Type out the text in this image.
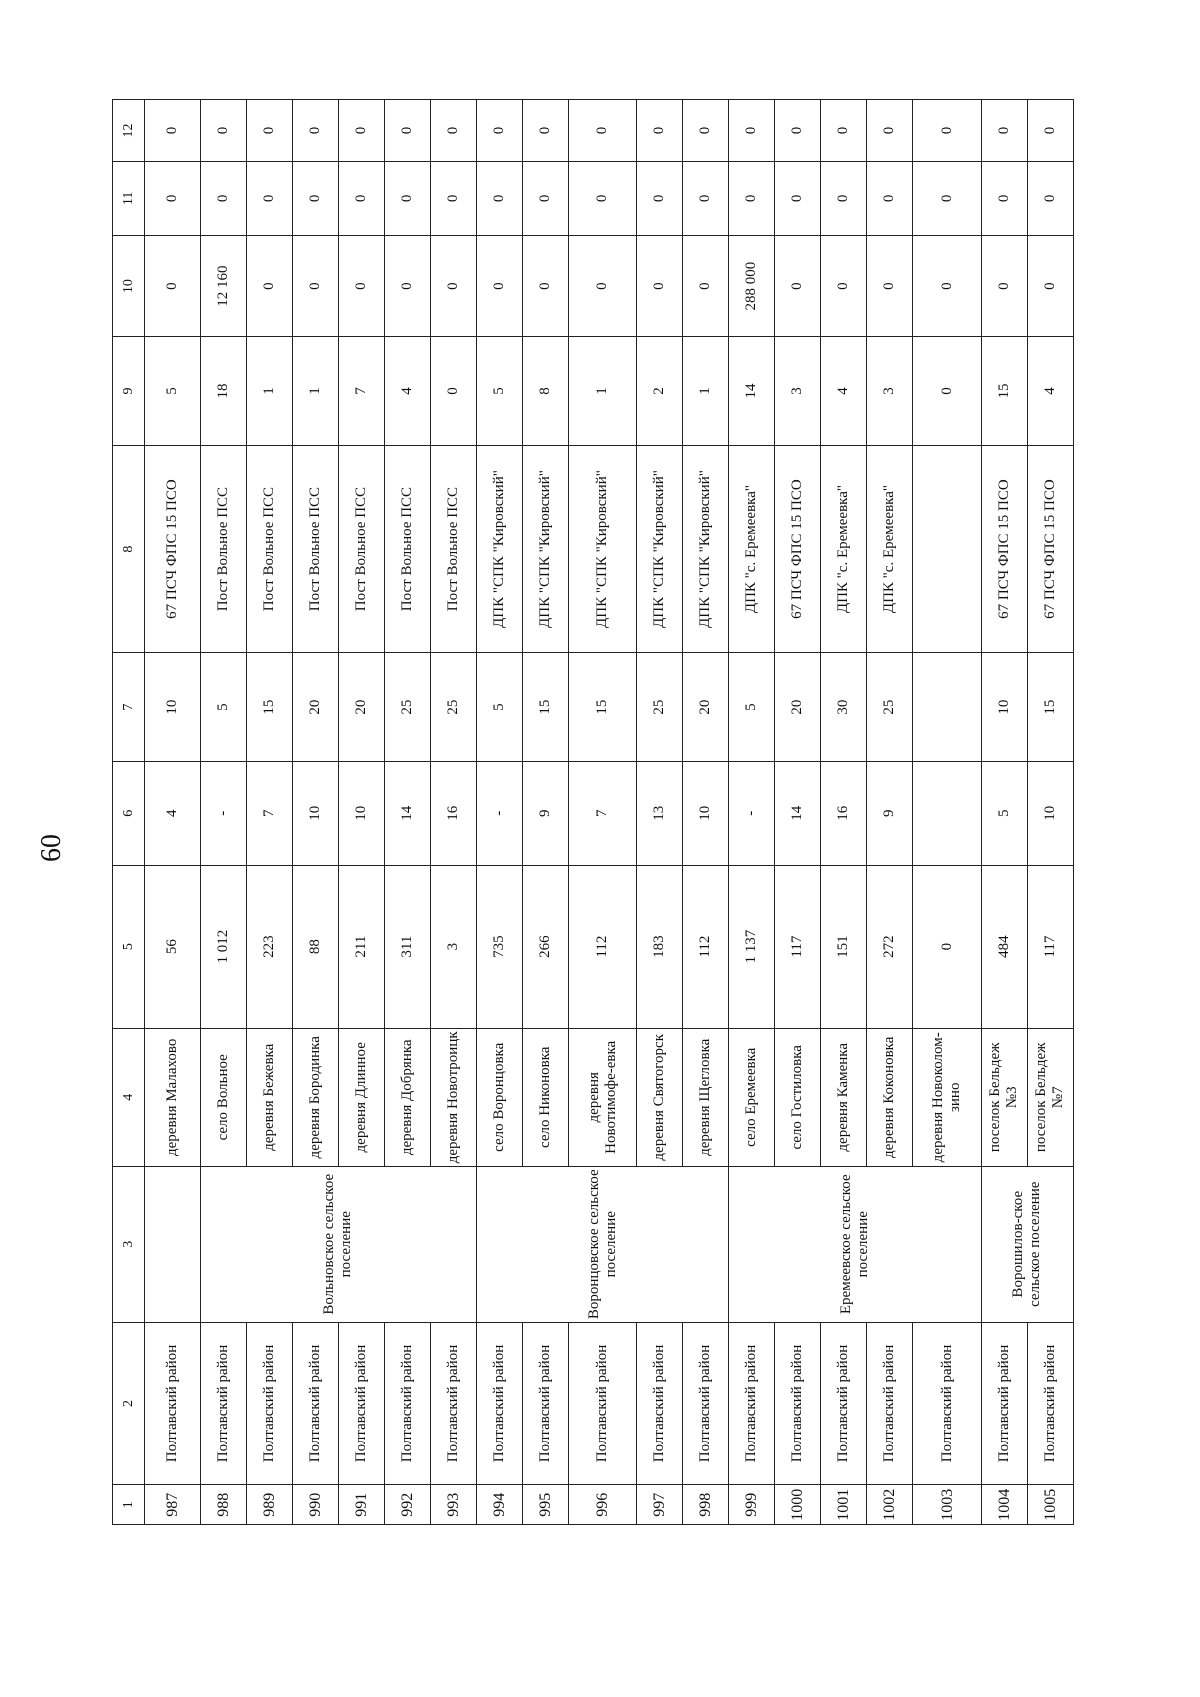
60
1	2	3	4	5	6	7	8	9	10	11	12
987	Полтавский район		деревня Малахово	56	4	10	67 ПСЧ ФПС 15 ПСО	5	0	0	0
988	Полтавский район	Вольновское сельское поселение	село Вольное	1 012	-	5	Пост Вольное ПСС	18	12 160	0	0
989	Полтавский район		деревня Бежевка	223	7	15	Пост Вольное ПСС	1	0	0	0
990	Полтавский район		деревня Бородинка	88	10	20	Пост Вольное ПСС	1	0	0	0
991	Полтавский район		деревня Длинное	211	10	20	Пост Вольное ПСС	7	0	0	0
992	Полтавский район		деревня Добрянка	311	14	25	Пост Вольное ПСС	4	0	0	0
993	Полтавский район		деревня Новотроицк	3	16	25	Пост Вольное ПСС	0	0	0	0
994	Полтавский район	Воронцовское сельское поселение	село Воронцовка	735	-	5	ДПК "СПК "Кировский"	5	0	0	0
995	Полтавский район		село Никоновка	266	9	15	ДПК "СПК "Кировский"	8	0	0	0
996	Полтавский район		деревня Новотимофе-евка	112	7	15	ДПК "СПК "Кировский"	1	0	0	0
997	Полтавский район		деревня Святогорск	183	13	25	ДПК "СПК "Кировский"	2	0	0	0
998	Полтавский район		деревня Щегловка	112	10	20	ДПК "СПК "Кировский"	1	0	0	0
999	Полтавский район	Еремеевское сельское поселение	село Еремеевка	1 137	-	5	ДПК "с. Еремеевка"	14	288 000	0	0
1000	Полтавский район		село Гостиловка	117	14	20	67 ПСЧ ФПС 15 ПСО	3	0	0	0
1001	Полтавский район		деревня Каменка	151	16	30	ДПК "с. Еремеевка"	4	0	0	0
1002	Полтавский район		деревня Коконовка	272	9	25	ДПК "с. Еремеевка"	3	0	0	0
1003	Полтавский район		деревня Новоколом-зино	0				0	0	0	0
1004	Полтавский район	Ворошилов-ское сельское поселение	поселок Бельдеж №3	484	5	10	67 ПСЧ ФПС 15 ПСО	15	0	0	0
1005	Полтавский район		поселок Бельдеж №7	117	10	15	67 ПСЧ ФПС 15 ПСО	4	0	0	0
